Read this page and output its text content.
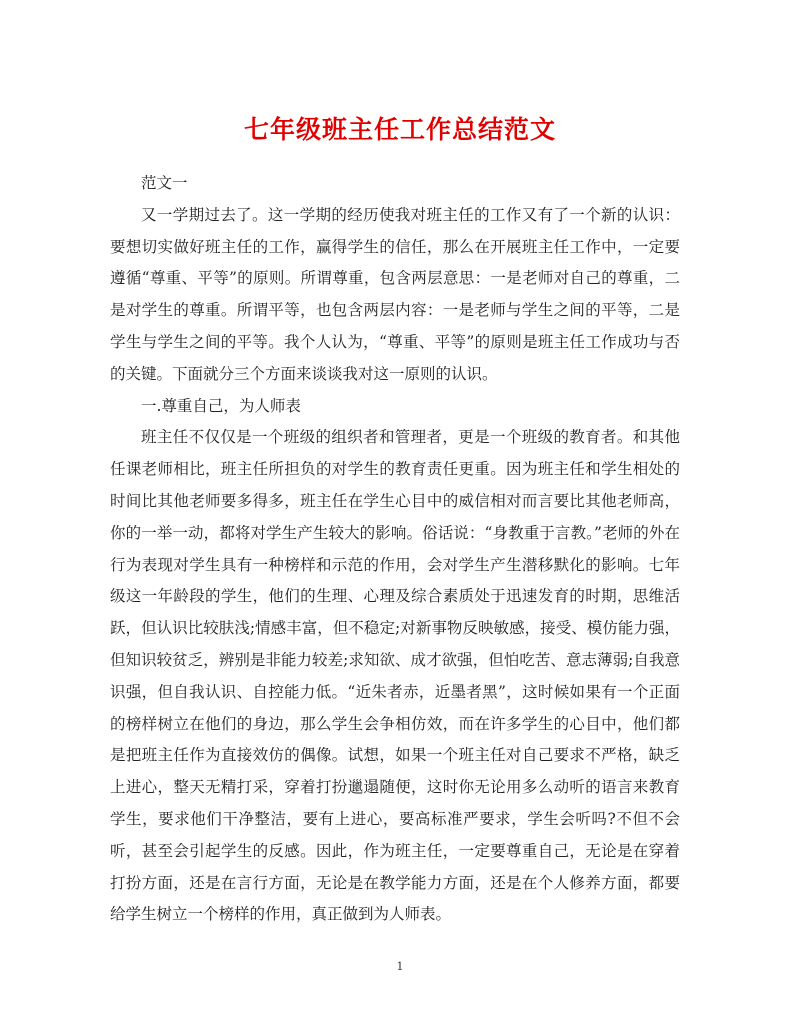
七年级班主任工作总结范文

范文一

又一学期过去了。这一学期的经历使我对班主任的工作又有了一个新的认识：要想切实做好班主任的工作，赢得学生的信任，那么在开展班主任工作中，一定要遵循“尊重、平等”的原则。所谓尊重，包含两层意思：一是老师对自己的尊重，二是对学生的尊重。所谓平等，也包含两层内容：一是老师与学生之间的平等，二是学生与学生之间的平等。我个人认为，“尊重、平等”的原则是班主任工作成功与否的关键。下面就分三个方面来谈谈我对这一原则的认识。

一.尊重自己，为人师表

班主任不仅仅是一个班级的组织者和管理者，更是一个班级的教育者。和其他任课老师相比，班主任所担负的对学生的教育责任更重。因为班主任和学生相处的时间比其他老师要多得多，班主任在学生心目中的威信相对而言要比其他老师高，你的一举一动，都将对学生产生较大的影响。俗话说：“身教重于言教。”老师的外在行为表现对学生具有一种榜样和示范的作用，会对学生产生潜移默化的影响。七年级这一年龄段的学生，他们的生理、心理及综合素质处于迅速发育的时期，思维活跃，但认识比较肤浅;情感丰富，但不稳定;对新事物反映敏感，接受、模仿能力强，但知识较贫乏，辨别是非能力较差;求知欲、成才欲强，但怕吃苦、意志薄弱;自我意识强，但自我认识、自控能力低。“近朱者赤，近墨者黑”，这时候如果有一个正面的榜样树立在他们的身边，那么学生会争相仿效，而在许多学生的心目中，他们都是把班主任作为直接效仿的偶像。试想，如果一个班主任对自己要求不严格，缺乏上进心，整天无精打采，穿着打扮邋遢随便，这时你无论用多么动听的语言来教育学生，要求他们干净整洁，要有上进心，要高标准严要求，学生会听吗?不但不会听，甚至会引起学生的反感。因此，作为班主任，一定要尊重自己，无论是在穿着打扮方面，还是在言行方面，无论是在教学能力方面，还是在个人修养方面，都要给学生树立一个榜样的作用，真正做到为人师表。

1
